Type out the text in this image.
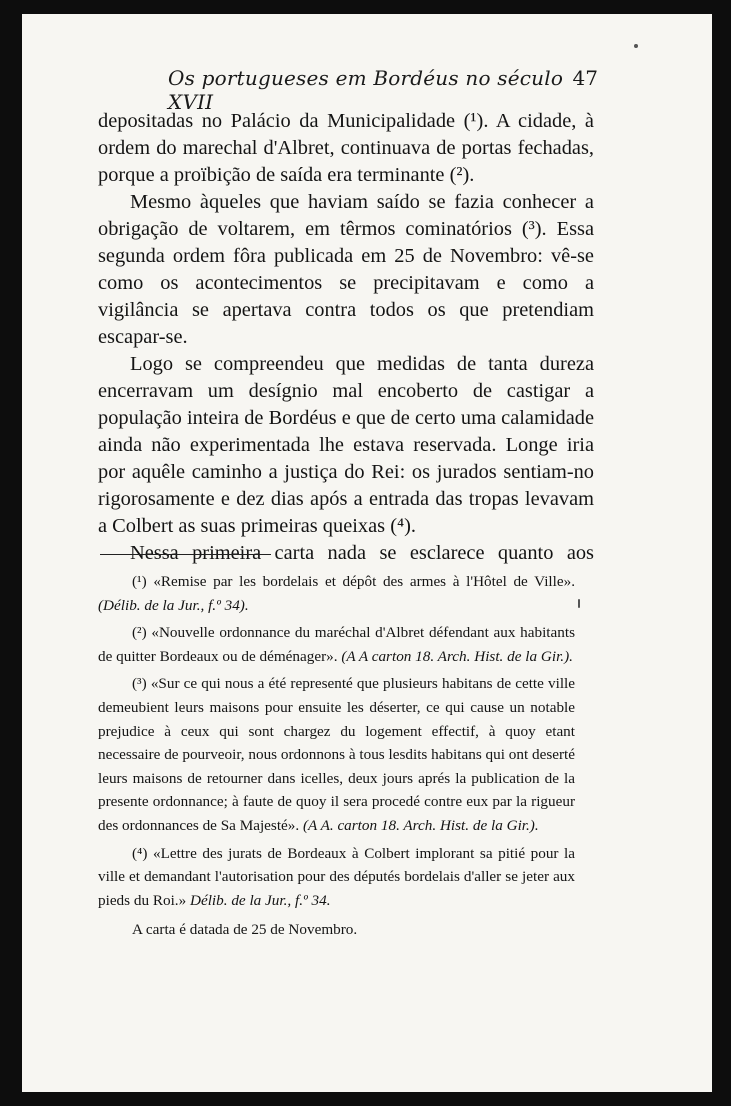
Os portugueses em Bordéus no século XVII
47

depositadas no Palácio da Municipalidade (¹). A cidade, à ordem do marechal d'Albret, continuava de portas fechadas, porque a proïbição de saída era terminante (²).

Mesmo àqueles que haviam saído se fazia conhecer a obrigação de voltarem, em têrmos cominatórios (³). Essa segunda ordem fôra publicada em 25 de Novembro: vê-se como os acontecimentos se precipitavam e como a vigilância se apertava contra todos os que pretendiam escapar-se.

Logo se compreendeu que medidas de tanta dureza encerravam um desígnio mal encoberto de castigar a população inteira de Bordéus e que de certo uma calamidade ainda não experimentada lhe estava reservada. Longe iria por aquêle caminho a justiça do Rei: os jurados sentiam-no rigorosamente e dez dias após a entrada das tropas levavam a Colbert as suas primeiras queixas (⁴).

Nessa primeira carta nada se esclarece quanto aos

(¹) «Remise par les bordelais et dépôt des armes à l'Hôtel de Ville». (Délib. de la Jur., f.º 34).

(²) «Nouvelle ordonnance du maréchal d'Albret défendant aux habitants de quitter Bordeaux ou de déménager». (A A carton 18. Arch. Hist. de la Gir.).

(³) «Sur ce qui nous a été representé que plusieurs habitans de cette ville demeubient leurs maisons pour ensuite les déserter, ce qui cause un notable prejudice à ceux qui sont chargez du logement effectif, à quoy etant necessaire de pourveoir, nous ordonnons à tous lesdits habitans qui ont deserté leurs maisons de retourner dans icelles, deux jours aprés la publication de la presente ordonnance; à faute de quoy il sera procedé contre eux par la rigueur des ordonnances de Sa Majesté». (A A. carton 18. Arch. Hist. de la Gir.).

(⁴) «Lettre des jurats de Bordeaux à Colbert implorant sa pitié pour la ville et demandant l'autorisation pour des députés bordelais d'aller se jeter aux pieds du Roi.» Délib. de la Jur., f.º 34.

A carta é datada de 25 de Novembro.
